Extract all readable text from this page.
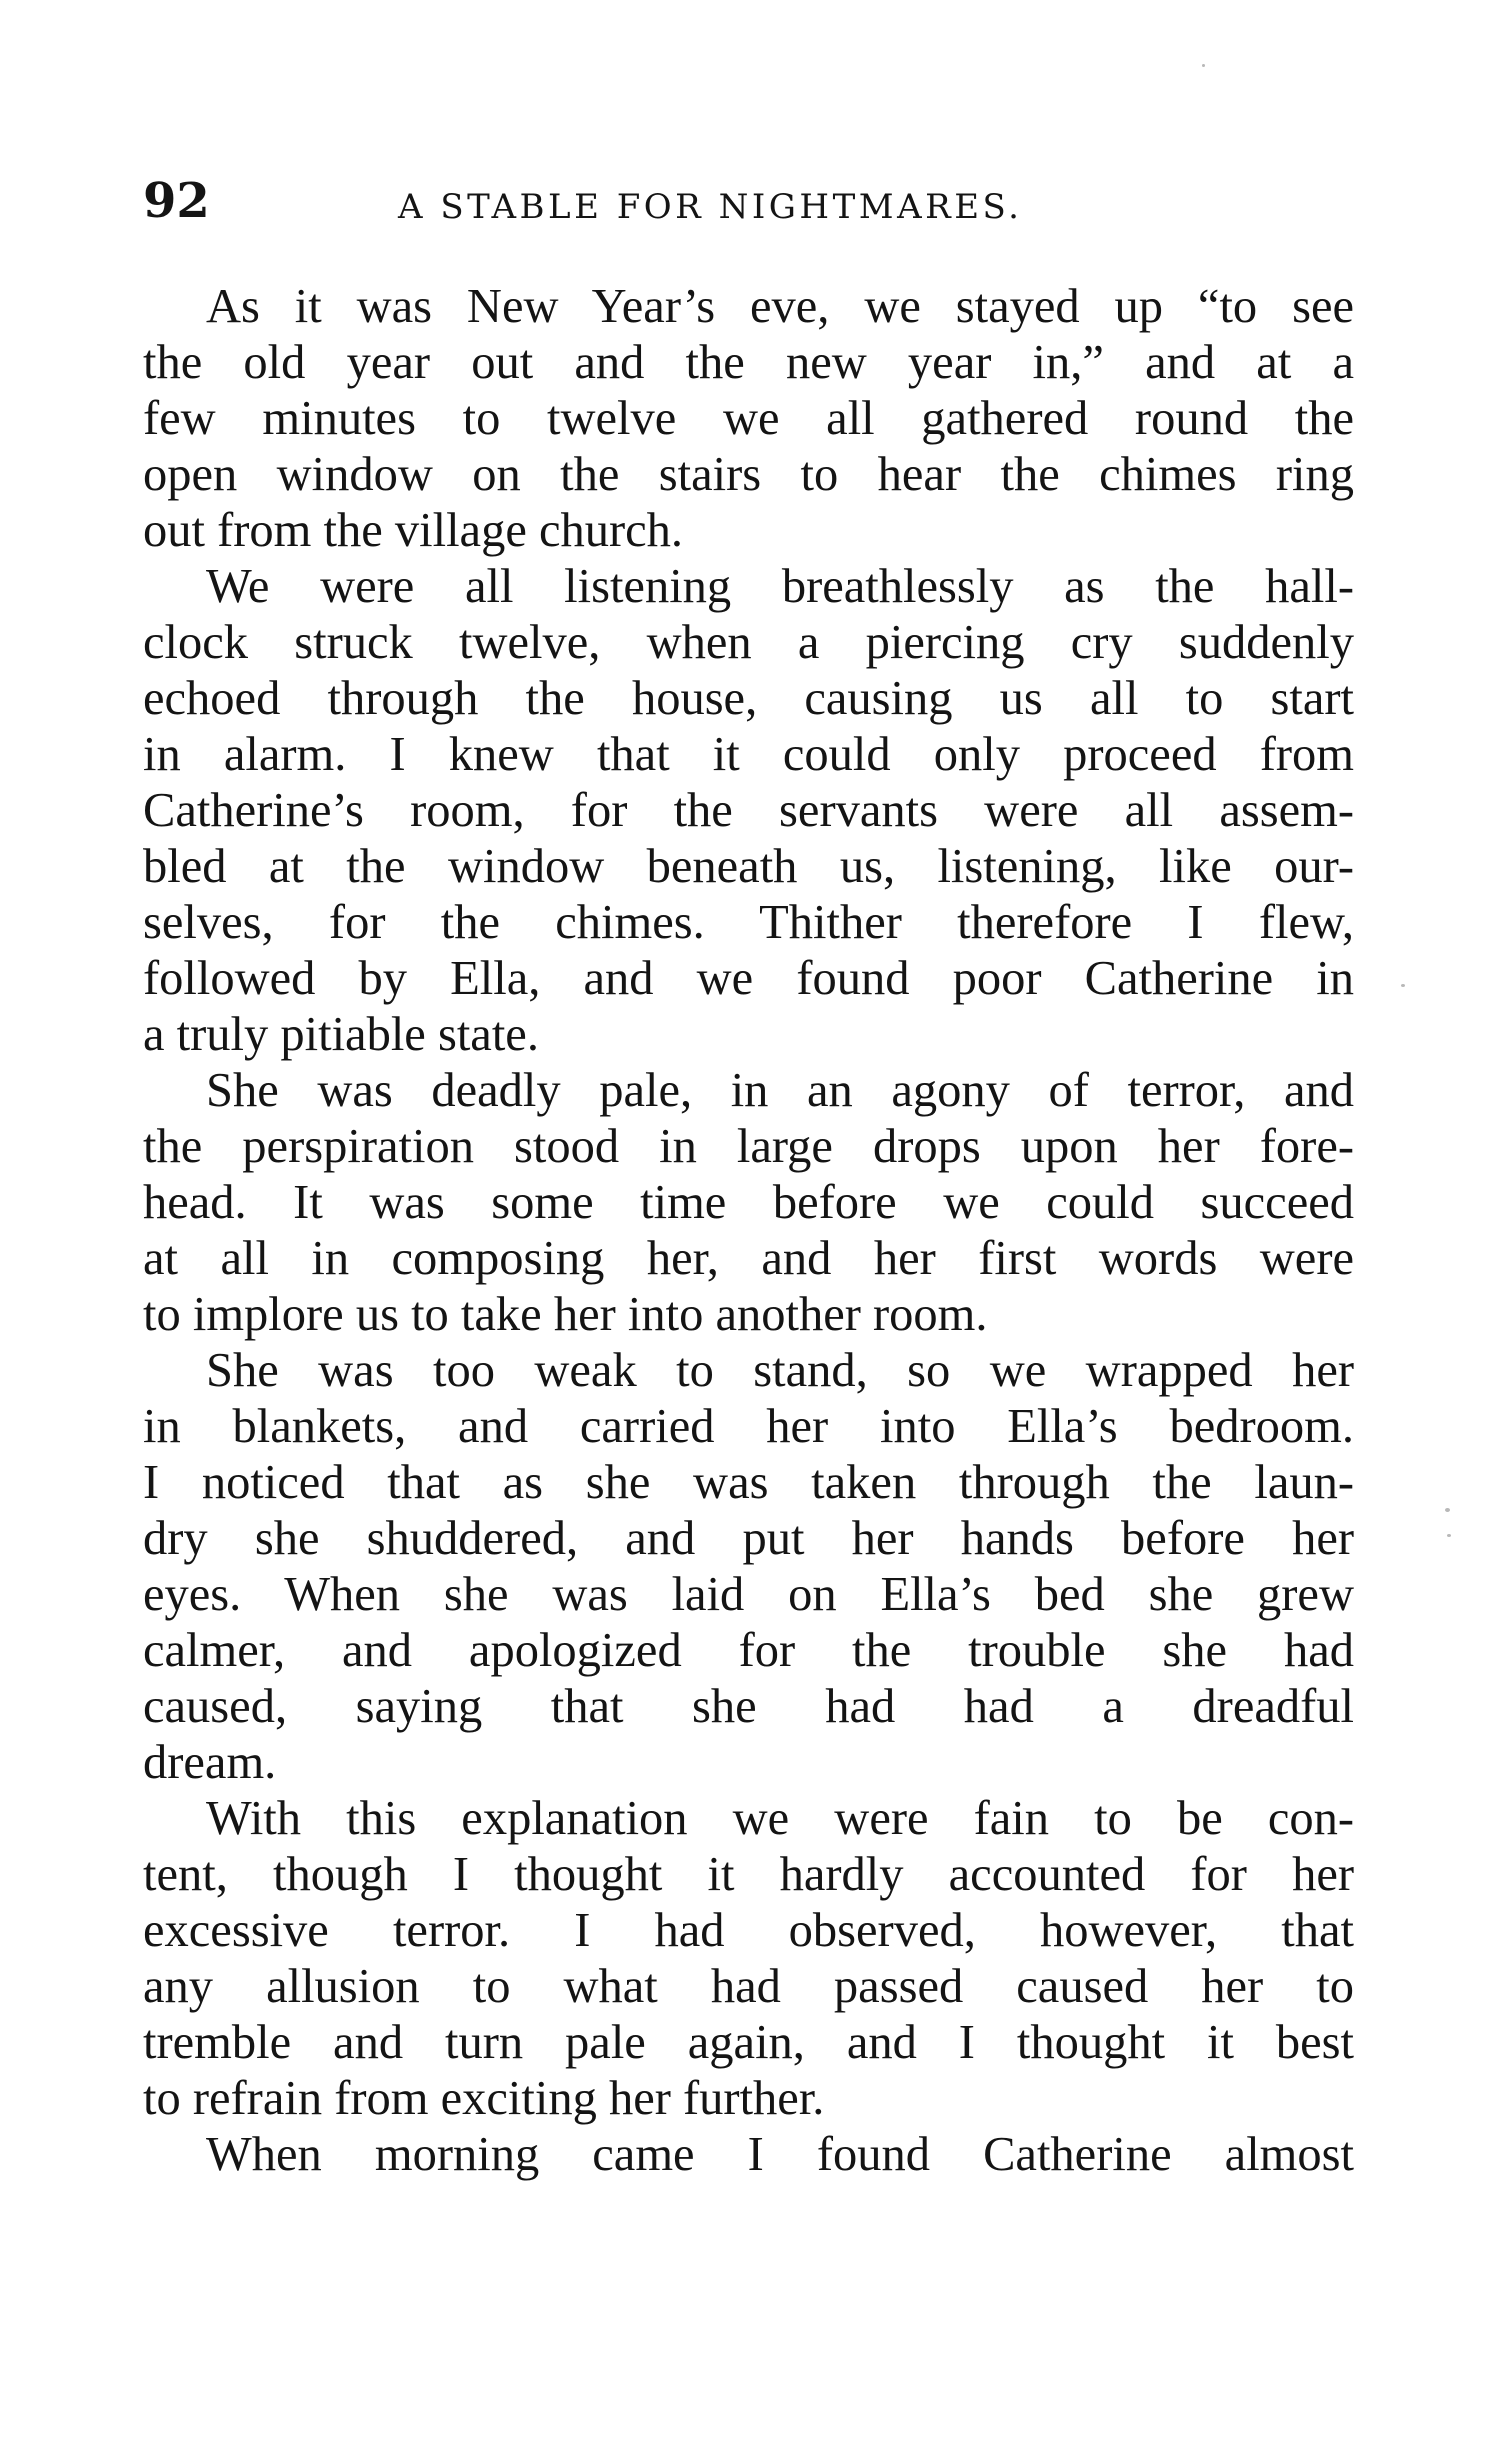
92	A STABLE FOR NIGHTMARES.
As it was New Year’s eve, we stayed up “to see
the old year out and the new year in,” and at a
few minutes to twelve we all gathered round the
open window on the stairs to hear the chimes ring
out from the village church.
We were all listening breathlessly as the hall-
clock struck twelve, when a piercing cry suddenly
echoed through the house, causing us all to start
in alarm. I knew that it could only proceed from
Catherine’s room, for the servants were all assem-
bled at the window beneath us, listening, like our-
selves, for the chimes. Thither therefore I flew,
followed by Ella, and we found poor Catherine in
a truly pitiable state.
She was deadly pale, in an agony of terror, and
the perspiration stood in large drops upon her fore-
head. It was some time before we could succeed
at all in composing her, and her first words were
to implore us to take her into another room.
She was too weak to stand, so we wrapped her
in blankets, and carried her into Ella’s bedroom.
I noticed that as she was taken through the laun-
dry she shuddered, and put her hands before her
eyes. When she was laid on Ella’s bed she grew
calmer, and apologized for the trouble she had
caused, saying that she had had a dreadful
dream.
With this explanation we were fain to be con-
tent, though I thought it hardly accounted for her
excessive terror. I had observed, however, that
any allusion to what had passed caused her to
tremble and turn pale again, and I thought it best
to refrain from exciting her further.
When morning came I found Catherine almost
